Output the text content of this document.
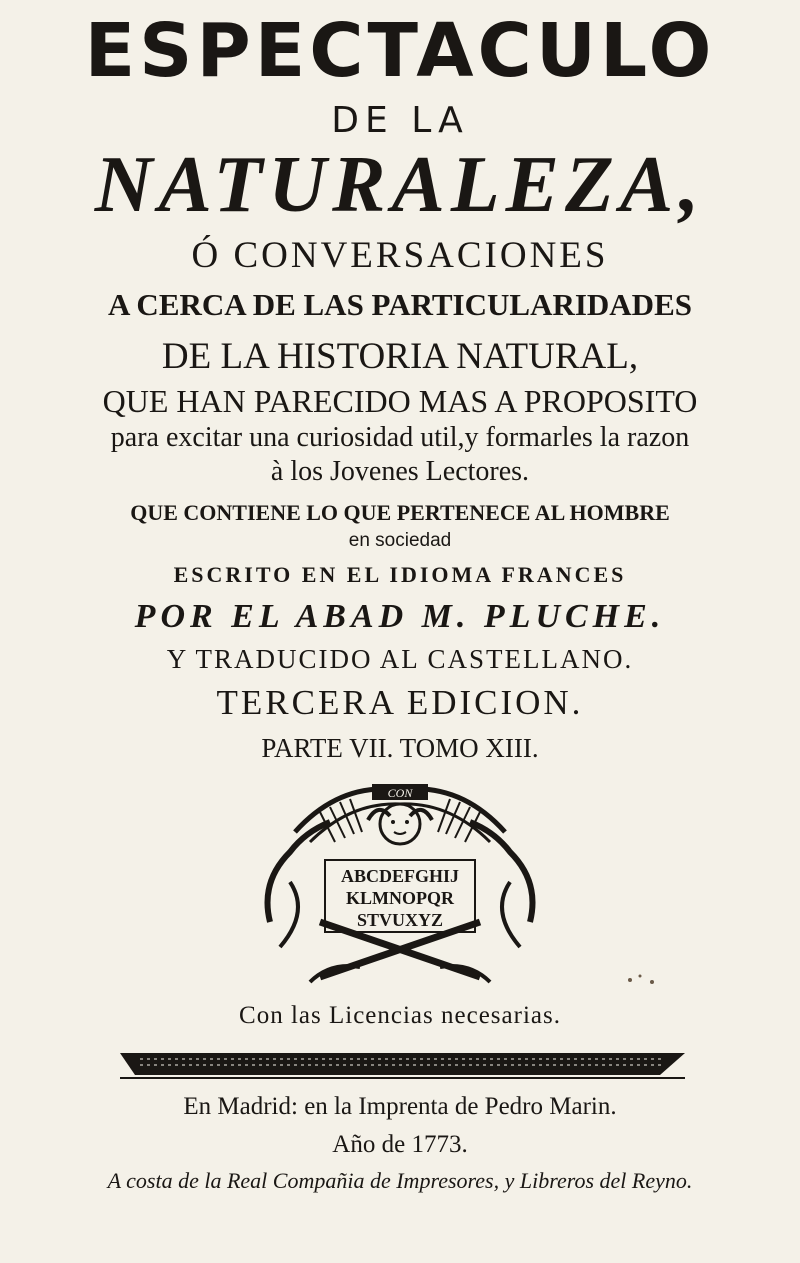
ESPECTACULO
DE LA
NATURALEZA,
Ó CONVERSACIONES
A CERCA DE LAS PARTICULARIDADES
DE LA HISTORIA NATURAL,
QUE HAN PARECIDO MAS A PROPOSITO
para excitar una curiosidad util,y formarles la razon
à los Jovenes Lectores.
QUE CONTIENE LO QUE PERTENECE AL HOMBRE
en sociedad
ESCRITO EN EL IDIOMA FRANCES
POR EL ABAD M. PLUCHE.
Y TRADUCIDO AL CASTELLANO.
TERCERA EDICION.
PARTE VII. TOMO XIII.
CON
ABCDEFGHIJ
KLMNOPQR
STVUXYZ
Con las Licencias necesarias.
En Madrid: en la Imprenta de Pedro Marin.
Año de 1773.
A costa de la Real Compañia de Impresores, y Libreros del Reyno.
